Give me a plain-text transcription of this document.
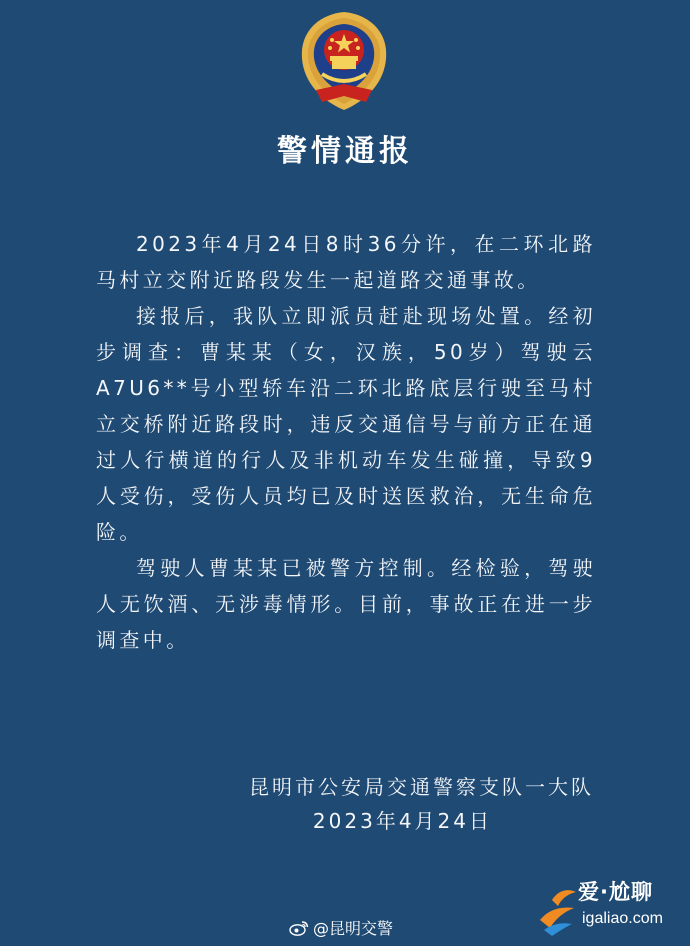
警情通报

2023年4月24日8时36分许，在二环北路马村立交附近路段发生一起道路交通事故。

接报后，我队立即派员赶赴现场处置。经初步调查：曹某某（女，汉族，50岁）驾驶云A7U6**号小型轿车沿二环北路底层行驶至马村立交桥附近路段时，违反交通信号与前方正在通过人行横道的行人及非机动车发生碰撞，导致9人受伤，受伤人员均已及时送医救治，无生命危险。

驾驶人曹某某已被警方控制。经检验，驾驶人无饮酒、无涉毒情形。目前，事故正在进一步调查中。

昆明市公安局交通警察支队一大队
2023年4月24日
爱·尬聊
igaliao.com
@昆明交警
